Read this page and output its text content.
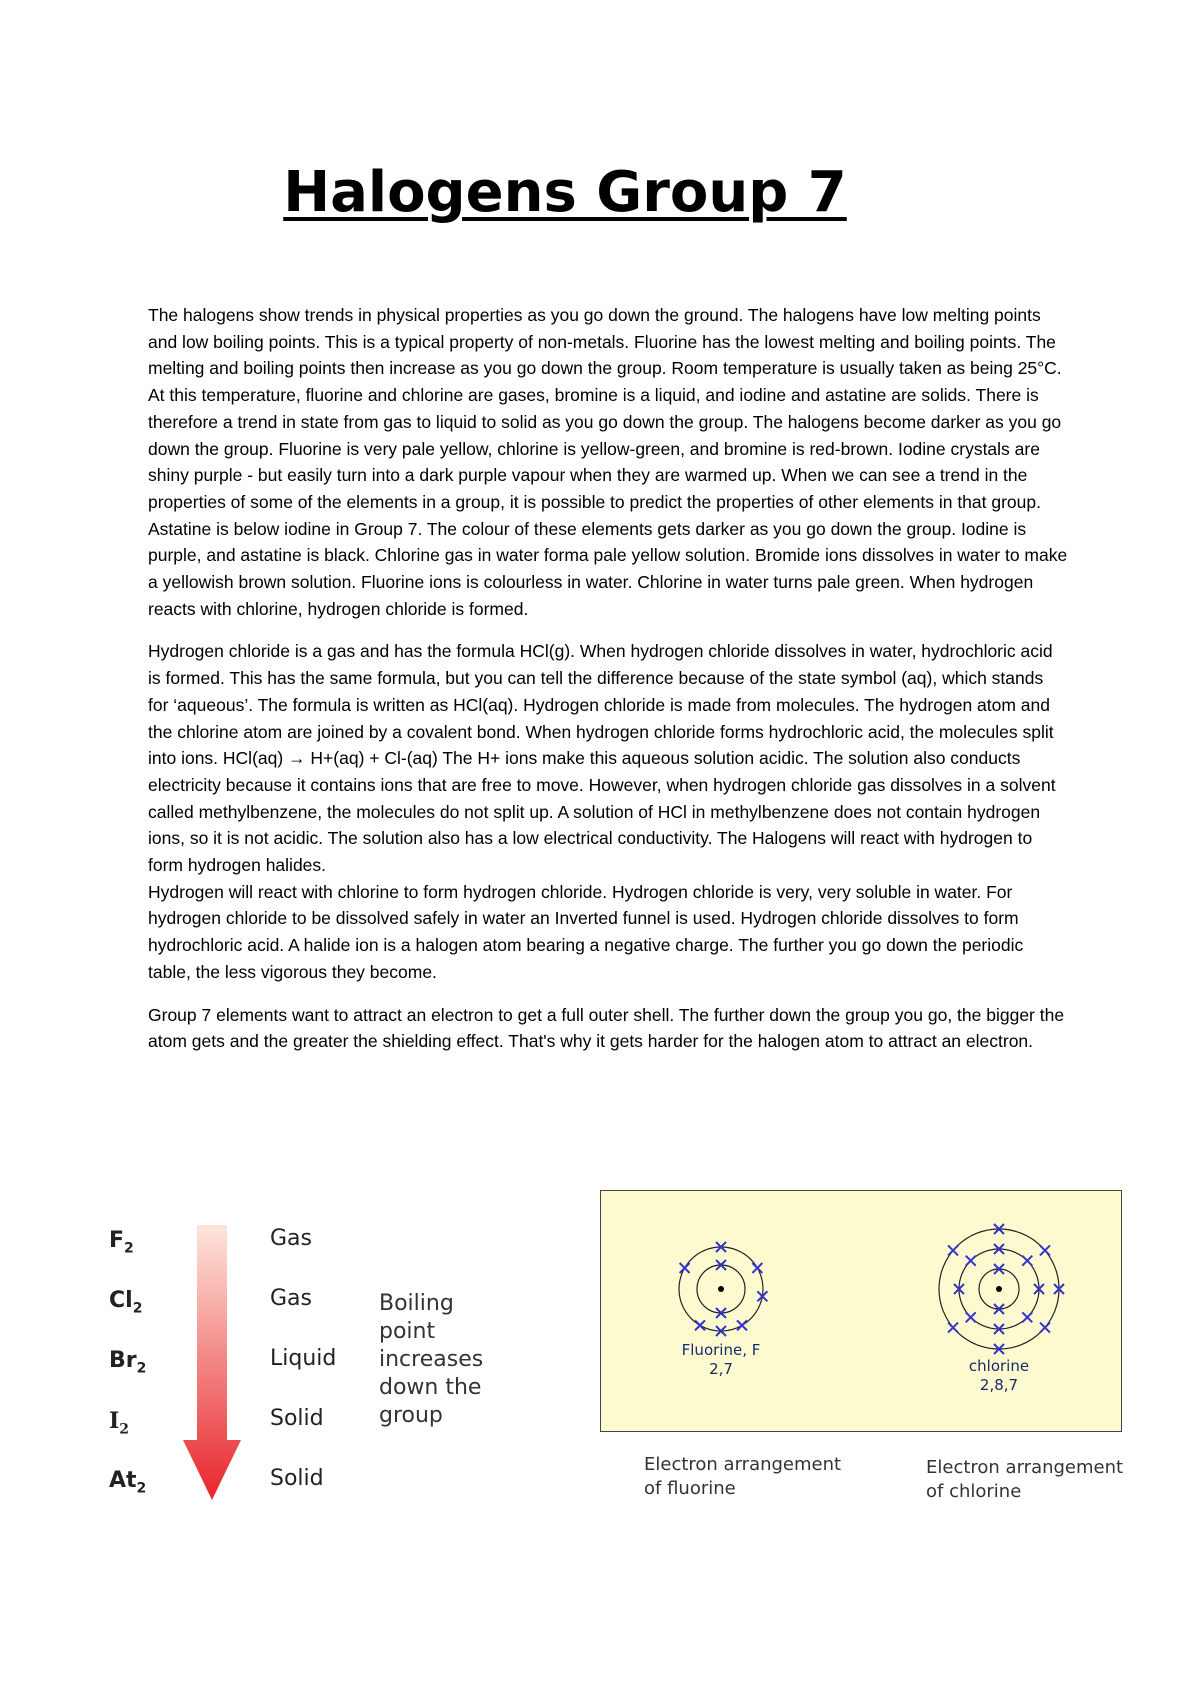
Halogens Group 7

The halogens show trends in physical properties as you go down the ground. The halogens have low melting points and low boiling points. This is a typical property of non-metals. Fluorine has the lowest melting and boiling points. The melting and boiling points then increase as you go down the group. Room temperature is usually taken as being 25°C. At this temperature, fluorine and chlorine are gases, bromine is a liquid, and iodine and astatine are solids. There is therefore a trend in state from gas to liquid to solid as you go down the group. The halogens become darker as you go down the group. Fluorine is very pale yellow, chlorine is yellow-green, and bromine is red-brown. Iodine crystals are shiny purple - but easily turn into a dark purple vapour when they are warmed up. When we can see a trend in the properties of some of the elements in a group, it is possible to predict the properties of other elements in that group. Astatine is below iodine in Group 7. The colour of these elements gets darker as you go down the group. Iodine is purple, and astatine is black. Chlorine gas in water forma pale yellow solution. Bromide ions dissolves in water to make a yellowish brown solution. Fluorine ions is colourless in water. Chlorine in water turns pale green. When hydrogen reacts with chlorine, hydrogen chloride is formed.

Hydrogen chloride is a gas and has the formula HCl(g). When hydrogen chloride dissolves in water, hydrochloric acid is formed. This has the same formula, but you can tell the difference because of the state symbol (aq), which stands for ‘aqueous’. The formula is written as HCl(aq). Hydrogen chloride is made from molecules. The hydrogen atom and the chlorine atom are joined by a covalent bond. When hydrogen chloride forms hydrochloric acid, the molecules split into ions. HCl(aq) → H+(aq) + Cl-(aq) The H+ ions make this aqueous solution acidic. The solution also conducts electricity because it contains ions that are free to move. However, when hydrogen chloride gas dissolves in a solvent called methylbenzene, the molecules do not split up. A solution of HCl in methylbenzene does not contain hydrogen ions, so it is not acidic. The solution also has a low electrical conductivity. The Halogens will react with hydrogen to form hydrogen halides.

Hydrogen will react with chlorine to form hydrogen chloride. Hydrogen chloride is very, very soluble in water. For hydrogen chloride to be dissolved safely in water an Inverted funnel is used. Hydrogen chloride dissolves to form hydrochloric acid. A halide ion is a halogen atom bearing a negative charge. The further you go down the periodic table, the less vigorous they become.

Group 7 elements want to attract an electron to get a full outer shell. The further down the group you go, the bigger the atom gets and the greater the shielding effect. That's why it gets harder for the halogen atom to attract an electron.

$F_2$
$Cl_2$
$Br_2$
$I_2$
$At_2$
Gas
Gas
Liquid
Solid
Solid
Boiling point increases down the group
Fluorine, F
2,7	chlorine
2,8,7
Electron arrangement
of fluorine
Electron arrangement
of chlorine
